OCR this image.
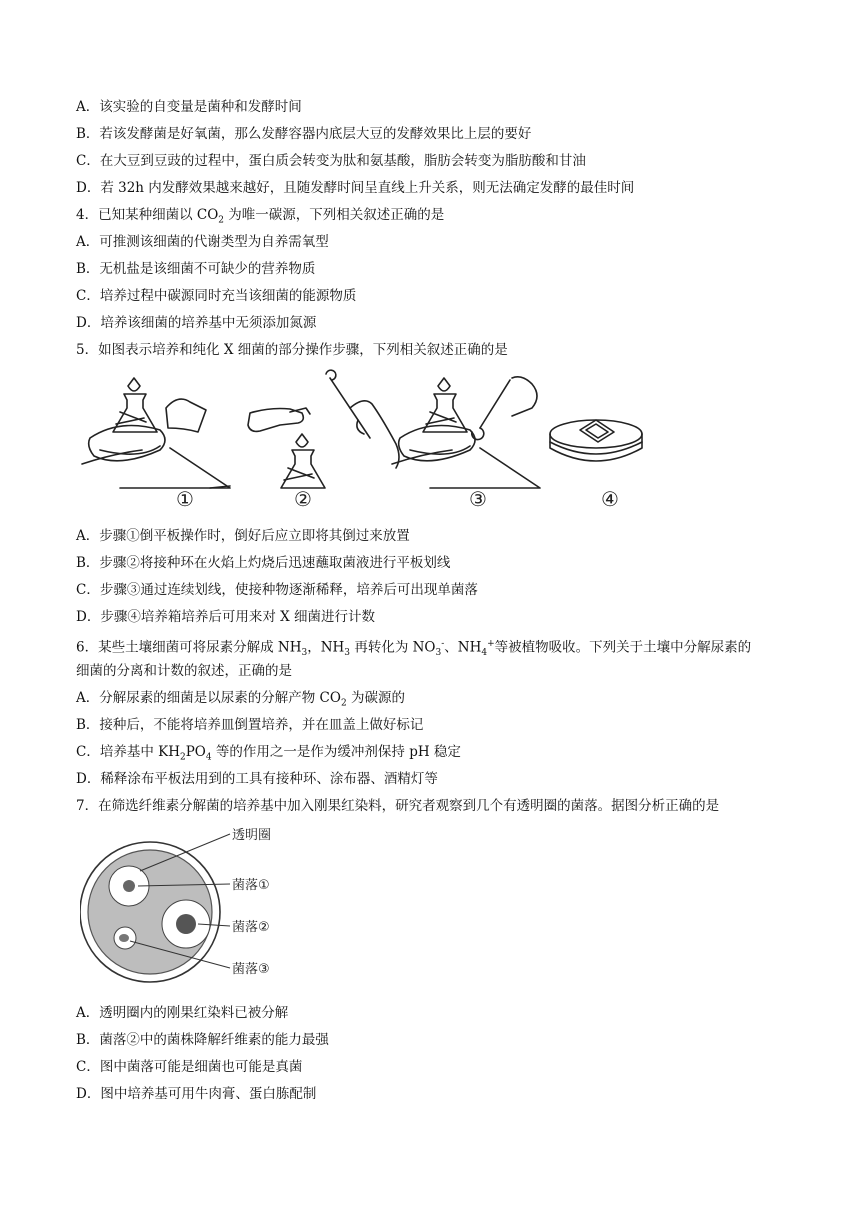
A．该实验的自变量是菌种和发酵时间
B．若该发酵菌是好氧菌，那么发酵容器内底层大豆的发酵效果比上层的要好
C．在大豆到豆豉的过程中，蛋白质会转变为肽和氨基酸，脂肪会转变为脂肪酸和甘油
D．若 32h 内发酵效果越来越好，且随发酵时间呈直线上升关系，则无法确定发酵的最佳时间
4．已知某种细菌以 $CO_2$ 为唯一碳源，下列相关叙述正确的是
A．可推测该细菌的代谢类型为自养需氧型
B．无机盐是该细菌不可缺少的营养物质
C．培养过程中碳源同时充当该细菌的能源物质
D．培养该细菌的培养基中无须添加氮源
5．如图表示培养和纯化 X 细菌的部分操作步骤，下列相关叙述正确的是
①	②	③	④
A．步骤①倒平板操作时，倒好后应立即将其倒过来放置
B．步骤②将接种环在火焰上灼烧后迅速蘸取菌液进行平板划线
C．步骤③通过连续划线，使接种物逐渐稀释，培养后可出现单菌落
D．步骤④培养箱培养后可用来对 X 细菌进行计数
6．某些土壤细菌可将尿素分解成 $NH_3$，$NH_3$ 再转化为 $NO_3^-$、$NH_4^+$等被植物吸收。下列关于土壤中分解尿素的
细菌的分离和计数的叙述，正确的是
A．分解尿素的细菌是以尿素的分解产物 $CO_2$ 为碳源的
B．接种后，不能将培养皿倒置培养，并在皿盖上做好标记
C．培养基中 $KH_2PO_4$ 等的作用之一是作为缓冲剂保持 pH 稳定
D．稀释涂布平板法用到的工具有接种环、涂布器、酒精灯等
7．在筛选纤维素分解菌的培养基中加入刚果红染料，研究者观察到几个有透明圈的菌落。据图分析正确的是
透明圈
菌落①
菌落②
菌落③
A．透明圈内的刚果红染料已被分解
B．菌落②中的菌株降解纤维素的能力最强
C．图中菌落可能是细菌也可能是真菌
D．图中培养基可用牛肉膏、蛋白胨配制
